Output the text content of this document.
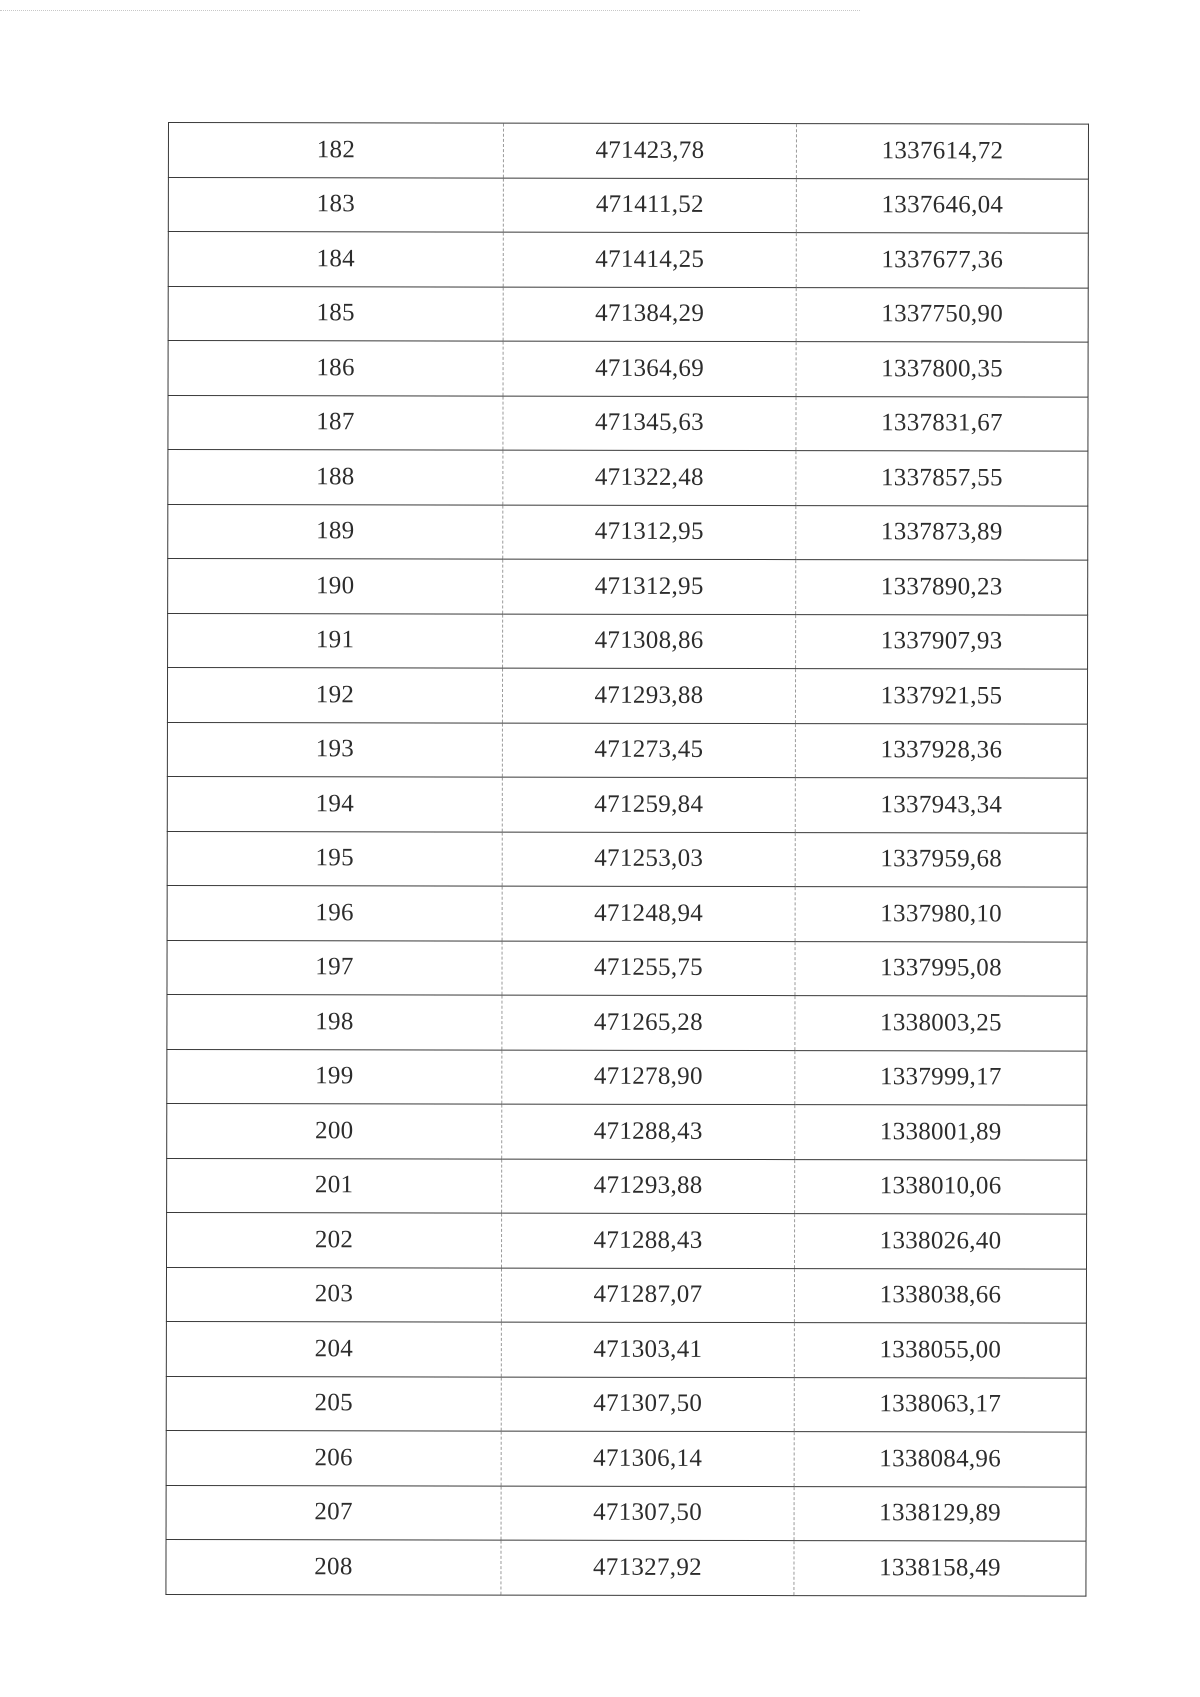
182	471423,78	1337614,72
183	471411,52	1337646,04
184	471414,25	1337677,36
185	471384,29	1337750,90
186	471364,69	1337800,35
187	471345,63	1337831,67
188	471322,48	1337857,55
189	471312,95	1337873,89
190	471312,95	1337890,23
191	471308,86	1337907,93
192	471293,88	1337921,55
193	471273,45	1337928,36
194	471259,84	1337943,34
195	471253,03	1337959,68
196	471248,94	1337980,10
197	471255,75	1337995,08
198	471265,28	1338003,25
199	471278,90	1337999,17
200	471288,43	1338001,89
201	471293,88	1338010,06
202	471288,43	1338026,40
203	471287,07	1338038,66
204	471303,41	1338055,00
205	471307,50	1338063,17
206	471306,14	1338084,96
207	471307,50	1338129,89
208	471327,92	1338158,49
